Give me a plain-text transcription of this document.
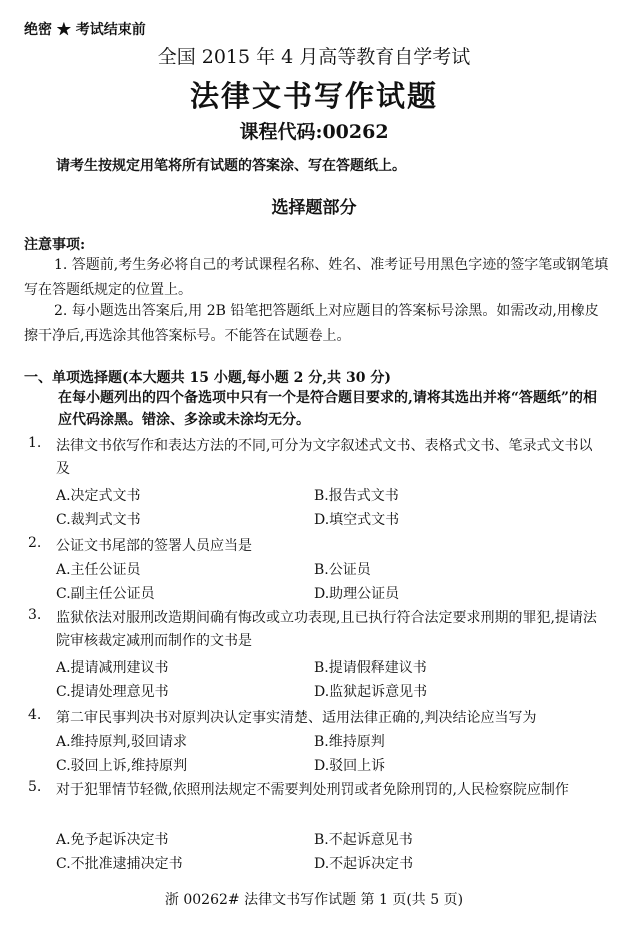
绝密 ★ 考试结束前
全国 2015 年 4 月高等教育自学考试
法律文书写作试题
课程代码:00262
请考生按规定用笔将所有试题的答案涂、写在答题纸上。
选择题部分
注意事项:
1. 答题前,考生务必将自己的考试课程名称、姓名、准考证号用黑色字迹的签字笔或钢笔填写在答题纸规定的位置上。
2. 每小题选出答案后,用 2B 铅笔把答题纸上对应题目的答案标号涂黑。如需改动,用橡皮擦干净后,再选涂其他答案标号。不能答在试题卷上。
一、单项选择题(本大题共 15 小题,每小题 2 分,共 30 分)
在每小题列出的四个备选项中只有一个是符合题目要求的,请将其选出并将“答题纸”的相应代码涂黑。错涂、多涂或未涂均无分。
1. 法律文书依写作和表达方法的不同,可分为文字叙述式文书、表格式文书、笔录式文书以及
A.决定式文书	B.报告式文书
C.裁判式文书	D.填空式文书
2. 公证文书尾部的签署人员应当是
A.主任公证员	B.公证员
C.副主任公证员	D.助理公证员
3. 监狱依法对服刑改造期间确有悔改或立功表现,且已执行符合法定要求刑期的罪犯,提请法院审核裁定减刑而制作的文书是
A.提请减刑建议书	B.提请假释建议书
C.提请处理意见书	D.监狱起诉意见书
4. 第二审民事判决书对原判决认定事实清楚、适用法律正确的,判决结论应当写为
A.维持原判,驳回请求	B.维持原判
C.驳回上诉,维持原判	D.驳回上诉
5. 对于犯罪情节轻微,依照刑法规定不需要判处刑罚或者免除刑罚的,人民检察院应制作
A.免予起诉决定书	B.不起诉意见书
C.不批准逮捕决定书	D.不起诉决定书
浙 00262# 法律文书写作试题 第 1 页(共 5 页)
